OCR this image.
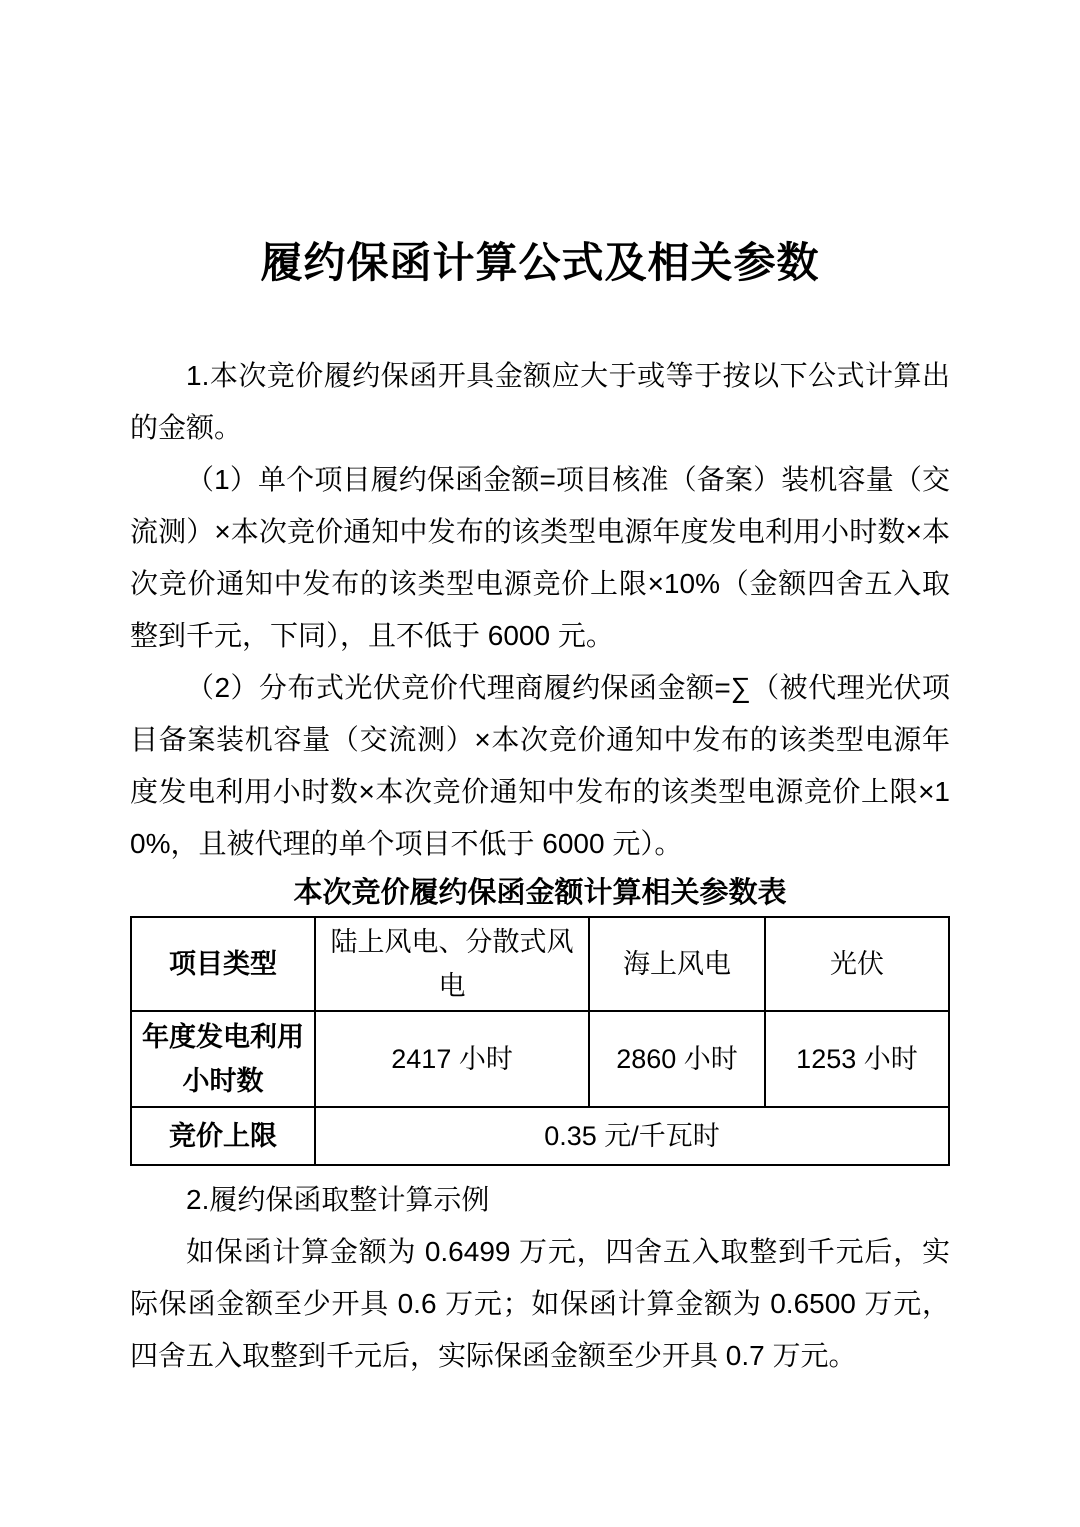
履约保函计算公式及相关参数

1.本次竞价履约保函开具金额应大于或等于按以下公式计算出的金额。

（1）单个项目履约保函金额=项目核准（备案）装机容量（交流测）×本次竞价通知中发布的该类型电源年度发电利用小时数×本次竞价通知中发布的该类型电源竞价上限×10%（金额四舍五入取整到千元，下同），且不低于 6000 元。

（2）分布式光伏竞价代理商履约保函金额=∑（被代理光伏项目备案装机容量（交流测）×本次竞价通知中发布的该类型电源年度发电利用小时数×本次竞价通知中发布的该类型电源竞价上限×10%，且被代理的单个项目不低于 6000 元）。

本次竞价履约保函金额计算相关参数表

项目类型	陆上风电、分散式风电	海上风电	光伏
年度发电利用小时数	2417 小时	2860 小时	1253 小时
竞价上限	0.35 元/千瓦时		

2.履约保函取整计算示例

如保函计算金额为 0.6499 万元，四舍五入取整到千元后，实际保函金额至少开具 0.6 万元；如保函计算金额为 0.6500 万元，四舍五入取整到千元后，实际保函金额至少开具 0.7 万元。
